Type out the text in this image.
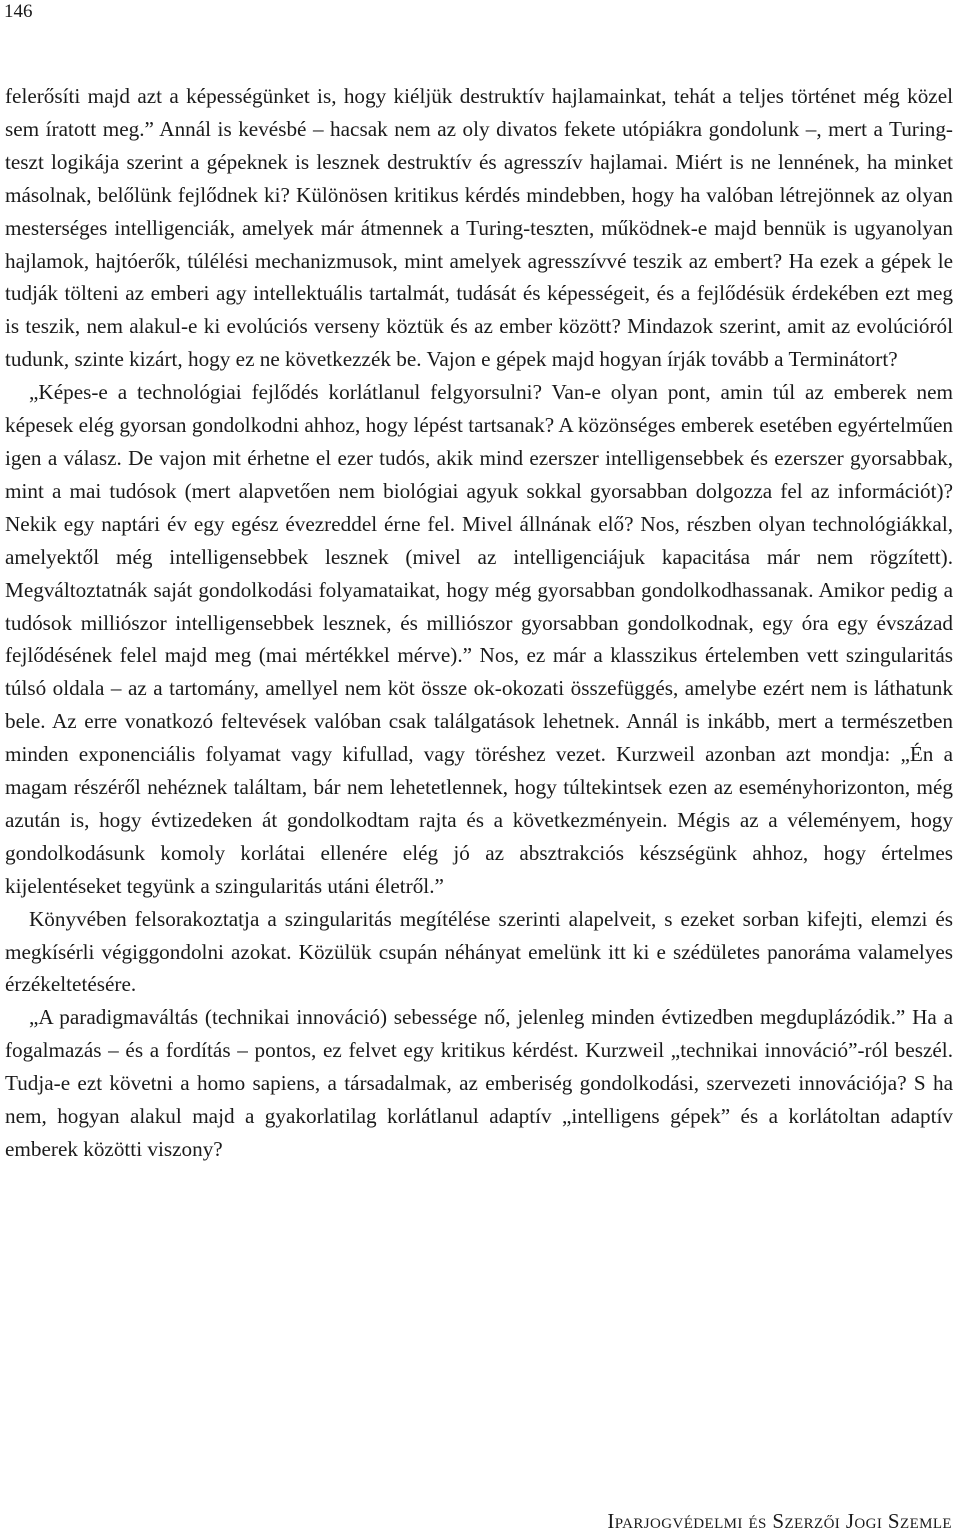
146

felerősíti majd azt a képességünket is, hogy kiéljük destruktív hajlamainkat, tehát a teljes történet még közel sem íratott meg.” Annál is kevésbé – hacsak nem az oly divatos fekete utópiákra gondolunk –, mert a Turing-teszt logikája szerint a gépeknek is lesznek destruktív és agresszív hajlamai. Miért is ne lennének, ha minket másolnak, belőlünk fejlődnek ki? Különösen kritikus kérdés mindebben, hogy ha valóban létrejönnek az olyan mesterséges intelligenciák, amelyek már átmennek a Turing-teszten, működnek-e majd bennük is ugyanolyan hajlamok, hajtóerők, túlélési mechanizmusok, mint amelyek agresszívvé teszik az embert? Ha ezek a gépek le tudják tölteni az emberi agy intellektuális tartalmát, tudását és képességeit, és a fejlődésük érdekében ezt meg is teszik, nem alakul-e ki evolúciós verseny köztük és az ember között? Mindazok szerint, amit az evolúcióról tudunk, szinte kizárt, hogy ez ne következzék be. Vajon e gépek majd hogyan írják tovább a Terminátort?

„Képes-e a technológiai fejlődés korlátlanul felgyorsulni? Van-e olyan pont, amin túl az emberek nem képesek elég gyorsan gondolkodni ahhoz, hogy lépést tartsanak? A közönséges emberek esetében egyértelműen igen a válasz. De vajon mit érhetne el ezer tudós, akik mind ezerszer intelligensebbek és ezerszer gyorsabbak, mint a mai tudósok (mert alapvetően nem biológiai agyuk sokkal gyorsabban dolgozza fel az információt)? Nekik egy naptári év egy egész évezreddel érne fel. Mivel állnának elő? Nos, részben olyan technológiákkal, amelyektől még intelligensebbek lesznek (mivel az intelligenciájuk kapacitása már nem rögzített). Megváltoztatnák saját gondolkodási folyamataikat, hogy még gyorsabban gondolkodhassanak. Amikor pedig a tudósok milliószor intelligensebbek lesznek, és milliószor gyorsabban gondolkodnak, egy óra egy évszázad fejlődésének felel majd meg (mai mértékkel mérve).” Nos, ez már a klasszikus értelemben vett szingularitás túlsó oldala – az a tartomány, amellyel nem köt össze ok-okozati összefüggés, amelybe ezért nem is láthatunk bele. Az erre vonatkozó feltevések valóban csak találgatások lehetnek. Annál is inkább, mert a természetben minden exponenciális folyamat vagy kifullad, vagy töréshez vezet. Kurzweil azonban azt mondja: „Én a magam részéről nehéznek találtam, bár nem lehetetlennek, hogy túltekintsek ezen az eseményhorizonton, még azután is, hogy évtizedeken át gondolkodtam rajta és a következményein. Mégis az a véleményem, hogy gondolkodásunk komoly korlátai ellenére elég jó az absztrakciós készségünk ahhoz, hogy értelmes kijelentéseket tegyünk a szingularitás utáni életről.”

Könyvében felsorakoztatja a szingularitás megítélése szerinti alapelveit, s ezeket sorban kifejti, elemzi és megkísérli végiggondolni azokat. Közülük csupán néhányat emelünk itt ki e szédületes panoráma valamelyes érzékeltetésére.

„A paradigmaváltás (technikai innováció) sebessége nő, jelenleg minden évtizedben megduplázódik.” Ha a fogalmazás – és a fordítás – pontos, ez felvet egy kritikus kérdést. Kurzweil „technikai innováció”-ról beszél. Tudja-e ezt követni a homo sapiens, a társadalmak, az emberiség gondolkodási, szervezeti innovációja? S ha nem, hogyan alakul majd a gyakorlatilag korlátlanul adaptív „intelligens gépek” és a korlátoltan adaptív emberek közötti viszony?

Iparjogvédelmi és Szerzői Jogi Szemle
